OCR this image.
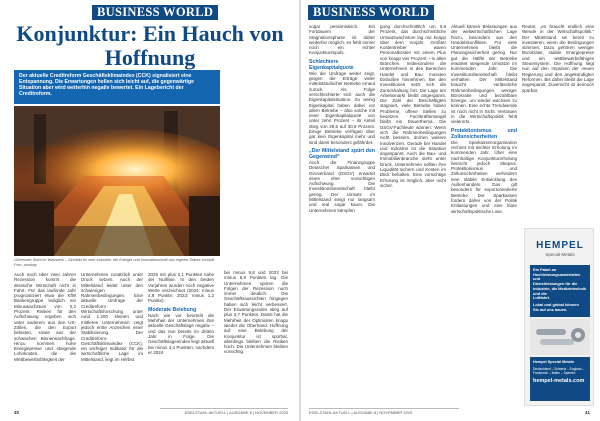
BUSINESS WORLD
Konjunktur: Ein Hauch von Hoffnung
Der aktuelle Creditreform Geschäftsklimaindex (CCK) signalisiert eine Entspannung. Die Erwartungen hellen sich leicht auf, die gegenwärtige Situation aber wird weiterhin negativ bewertet. Ein Lagebericht der Creditreform.
Glühender Stahl im Walzwerk – Sinnbild für eine Industrie, die Energie und Innovationskraft aus eigener Stärke schöpft. Foto: pixabay

Auch nach über zwei Jahren Rezession kommt die deutsche Wirtschaft nicht in Fahrt. Für das laufende Jahr prognostiziert etwa die KfW Bankengruppe lediglich ein Minuswachstum von 0,2 Prozent. Risiken für den Aufschwung ergeben sich unter anderem aus den US-Zöllen, die den Export belasten, sowie aus der schwachen Binnennachfrage. Hinzu kommen hohe Energiepreise und steigende Lohnkosten, die die Wettbewerbsfähigkeit der

Unternehmen zusätzlich unter Druck setzen. Auch der Mittelstand leidet unter den schwierigen Rahmenbedingungen. Eine aktuelle Umfrage der Creditreform Wirtschaftsforschung unter rund 1.200 kleinen und mittleren Unternehmen zeigt jedoch erste Anzeichen einer Stabilisierung. Der Creditreform-Geschäftsklimaindex (CCK), ein wichtiger Indikator für die wirtschaftliche Lage im Mittelstand, liegt im Herbst

2025 mit plus 0,1 Punkten nahe der Nulllinie. In den beiden Vorjahren wurden noch negative Werte verzeichnet (2024: minus 4,8 Punkte; 2023: minus 1,2 Punkte).

Moderate Belebung

Nach wie vor beurteilt die Mehrheit der Unternehmen ihre aktuelle Geschäftslage negativ – und das nun bereits im dritten Jahr in Folge. Die Geschäftslagenindex liegt aktuell bei minus 3,4 Punkten, nachdem er 2024

bei minus 9,8 und 2023 bei minus 6,9 Punkten lag. Die Unternehmen spüren die Folgen der Rezession noch immer deutlich. Die Geschäftsaussichten hingegen haben sich leicht verbessert. Der Erwartungsindex stieg auf plus 3,7 Punkten. Damit hat die Mehrheit der Optimisten knapp wieder die Oberhand. Hoffnung auf eine Belebung der Konjunktur ist spürbar, allerdings bleiben die Risiken hoch. Die Unternehmen bleiben vorsichtig.

40	EDELSTAHL AKTUELL | AUSGABE 8 | NOVEMBER 2025
BUSINESS WORLD

sogar pessimistisch. Ein Fortdauern der Stagnationsphase ist daher weiterhin möglich, es fehlt immer noch ein echter Konjunkturimpuls.

Schlechtere Eigenkapitalquote

Wie die Umfrage weiter zeigt, gingen die Erträge vieler mittelständischer Betriebe erneut zurück. Als Folge verschlechterte sich auch die Eigenkapitalsituation. Zu wenig Eigenkapital haben dabei vor allem Betriebe – also solche mit einer Eigenkapitalquote von unter zehn Prozent – ihr Anteil stieg von 28,6 auf 30,8 Prozent. Einige Betriebe verfügen über gar kein Eigenkapital mehr und sind damit besonders gefährdet.

„Der Mittelstand spürt den Gegenwind“

Auch die Finanzgruppe Deutscher Sparkassen und Giroverband (DSGV) erwartet einen eher vorsichtigen Aufschwung. Die Investitionsbereitschaft bleibt gering. Der Umsatz im Mittelstand steigt nur langsam und real sogar kaum. Die Unternehmen kämpfen

gung durchschnittlich um 0,8 Prozent, das durchschnittliche Umsatzwachstum lag nur knapp über dem Vorjahr. Größter Kostentreiber waren Personalkosten mit einem Plus von knapp vier Prozent – in allen Branchen. Insbesondere die Unternehmen in den Bereichen Handel und Bau mussten Einbußen hinnehmen. Bei den Investitionen setzt sich die Zurückhaltung fort. Die Lage am Arbeitsmarkt bleibt angespannt. Die Zahl der Beschäftigten stagniert, viele Betriebe haben Probleme, offene Stellen zu besetzen. Fachkräftemangel bleibt ein Dauerthema. Die DSGV-Fachleute warnen: Wenn sich die Rahmenbedingungen nicht bessern, drohen weitere Insolvenzen. Gerade bei Handel und Industrie ist die Situation angespannt. Auch die Bau- und Immobilienbranche steht unter Druck. Unternehmen sollten ihre Liquidität sichern und Kosten im Blick behalten. Eine vorsichtige Erholung ist möglich, aber nicht sicher.

Aktuell kämen Belastungen aus der weltwirtschaftlichen Lage hinzu, besonders aus den Handelskonflikten. Für viele Unternehmen bleibt die Planungssicherheit gering. Nur gut die Hälfte der Betriebe erwartet steigende Umsätze im kommenden Jahr. Die Investitionsbereitschaft bleibt verhalten. Der Mittelstand braucht verlässliche Rahmenbedingungen, weniger Bürokratie und bezahlbare Energie, um wieder wachsen zu können. Eine echte Trendwende ist noch nicht in Sicht. Vertrauen in die Wirtschaftspolitik fehlt vielerorts.

Protektionismus und Zollunsicherheiten

Die Sparkassenorganisation rechnet mit leichter Erholung im kommenden Jahr. Über eine nachhaltige Konjunkturerholung herrscht jedoch Skepsis. Protektionismus und Zollunsicherheiten verhindern eine stabile Entwicklung des Außenhandels. Das gilt besonders für exportorientierte Betriebe. Die Sparkassen fordern daher von der Politik Entlastungen und eine klare wirtschaftspolitische Linie.

Reuter, „es braucht endlich eine Wende in der Wirtschaftspolitik.“ Der Mittelstand sei bereit zu investieren, wenn die Bedingungen stimmen. Dazu gehören weniger Bürokratie, stabile Energiepreise und ein wettbewerbsfähiges Steuersystem. Die Hoffnung liegt nun auf den Impulsen der neuen Regierung und den angekündigten Reformen. Bis dahin bleibt die Lage angespannt. Zuversicht ist dennoch spürbar.

HEMPEL
Special Metals
Ein Paket an Hochleistungsmaterialien und
Dienstleistungen für die
Industrie, die Medizintechnik und die
Luftfahrt.
Lokal und global können
Sie auf uns bauen.
Hempel Special Metals
Deutschland – Schweiz – England – Frankreich – Italien – Spanien
hempel-metals.com
EDELSTAHL AKTUELL | AUSGABE 8 | NOVEMBER 2025	41
